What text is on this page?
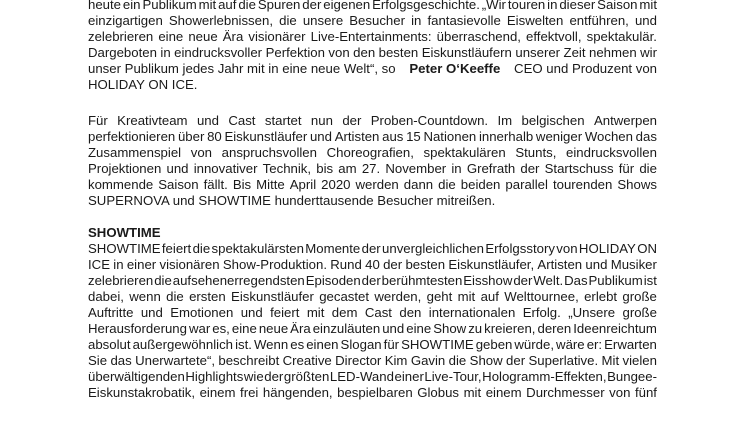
heute ein Publikum mit auf die Spuren der eigenen Erfolgsgeschichte. „Wir touren in dieser Saison mit
einzigartigen Showerlebnissen, die unsere Besucher in fantasievolle Eiswelten entführen, und
zelebrieren eine neue Ära visionärer Live-Entertainments: überraschend, effektvoll, spektakulär.
Dargeboten in eindrucksvoller Perfektion von den besten Eiskunstläufern unserer Zeit nehmen wir
unser Publikum jedes Jahr mit in eine neue Welt“, so Peter O‘Keeffe CEO und Produzent von
HOLIDAY ON ICE.
Für Kreativteam und Cast startet nun der Proben-Countdown. Im belgischen Antwerpen
perfektionieren über 80 Eiskunstläufer und Artisten aus 15 Nationen innerhalb weniger Wochen das
Zusammenspiel von anspruchsvollen Choreografien, spektakulären Stunts, eindrucksvollen
Projektionen und innovativer Technik, bis am 27. November in Grefrath der Startschuss für die
kommende Saison fällt. Bis Mitte April 2020 werden dann die beiden parallel tourenden Shows
SUPERNOVA und SHOWTIME hunderttausende Besucher mitreißen.
SHOWTIME
SHOWTIME feiert die spektakulärsten Momente der unvergleichlichen Erfolgsstory von HOLIDAY ON
ICE in einer visionären Show-Produktion. Rund 40 der besten Eiskunstläufer, Artisten und Musiker
zelebrieren die aufsehenerregendsten Episoden der berühmtesten Eisshow der Welt. Das Publikum ist
dabei, wenn die ersten Eiskunstläufer gecastet werden, geht mit auf Welttournee, erlebt große
Auftritte und Emotionen und feiert mit dem Cast den internationalen Erfolg. „Unsere große
Herausforderung war es, eine neue Ära einzuläuten und eine Show zu kreieren, deren Ideenreichtum
absolut außergewöhnlich ist. Wenn es einen Slogan für SHOWTIME geben würde, wäre er: Erwarten
Sie das Unerwartete“, beschreibt Creative Director Kim Gavin die Show der Superlative. Mit vielen
überwältigenden Highlights wie der größten LED-Wand einer Live-Tour, Hologramm-Effekten, Bungee-
Eiskunstakrobatik, einem frei hängenden, bespielbaren Globus mit einem Durchmesser von fünf
